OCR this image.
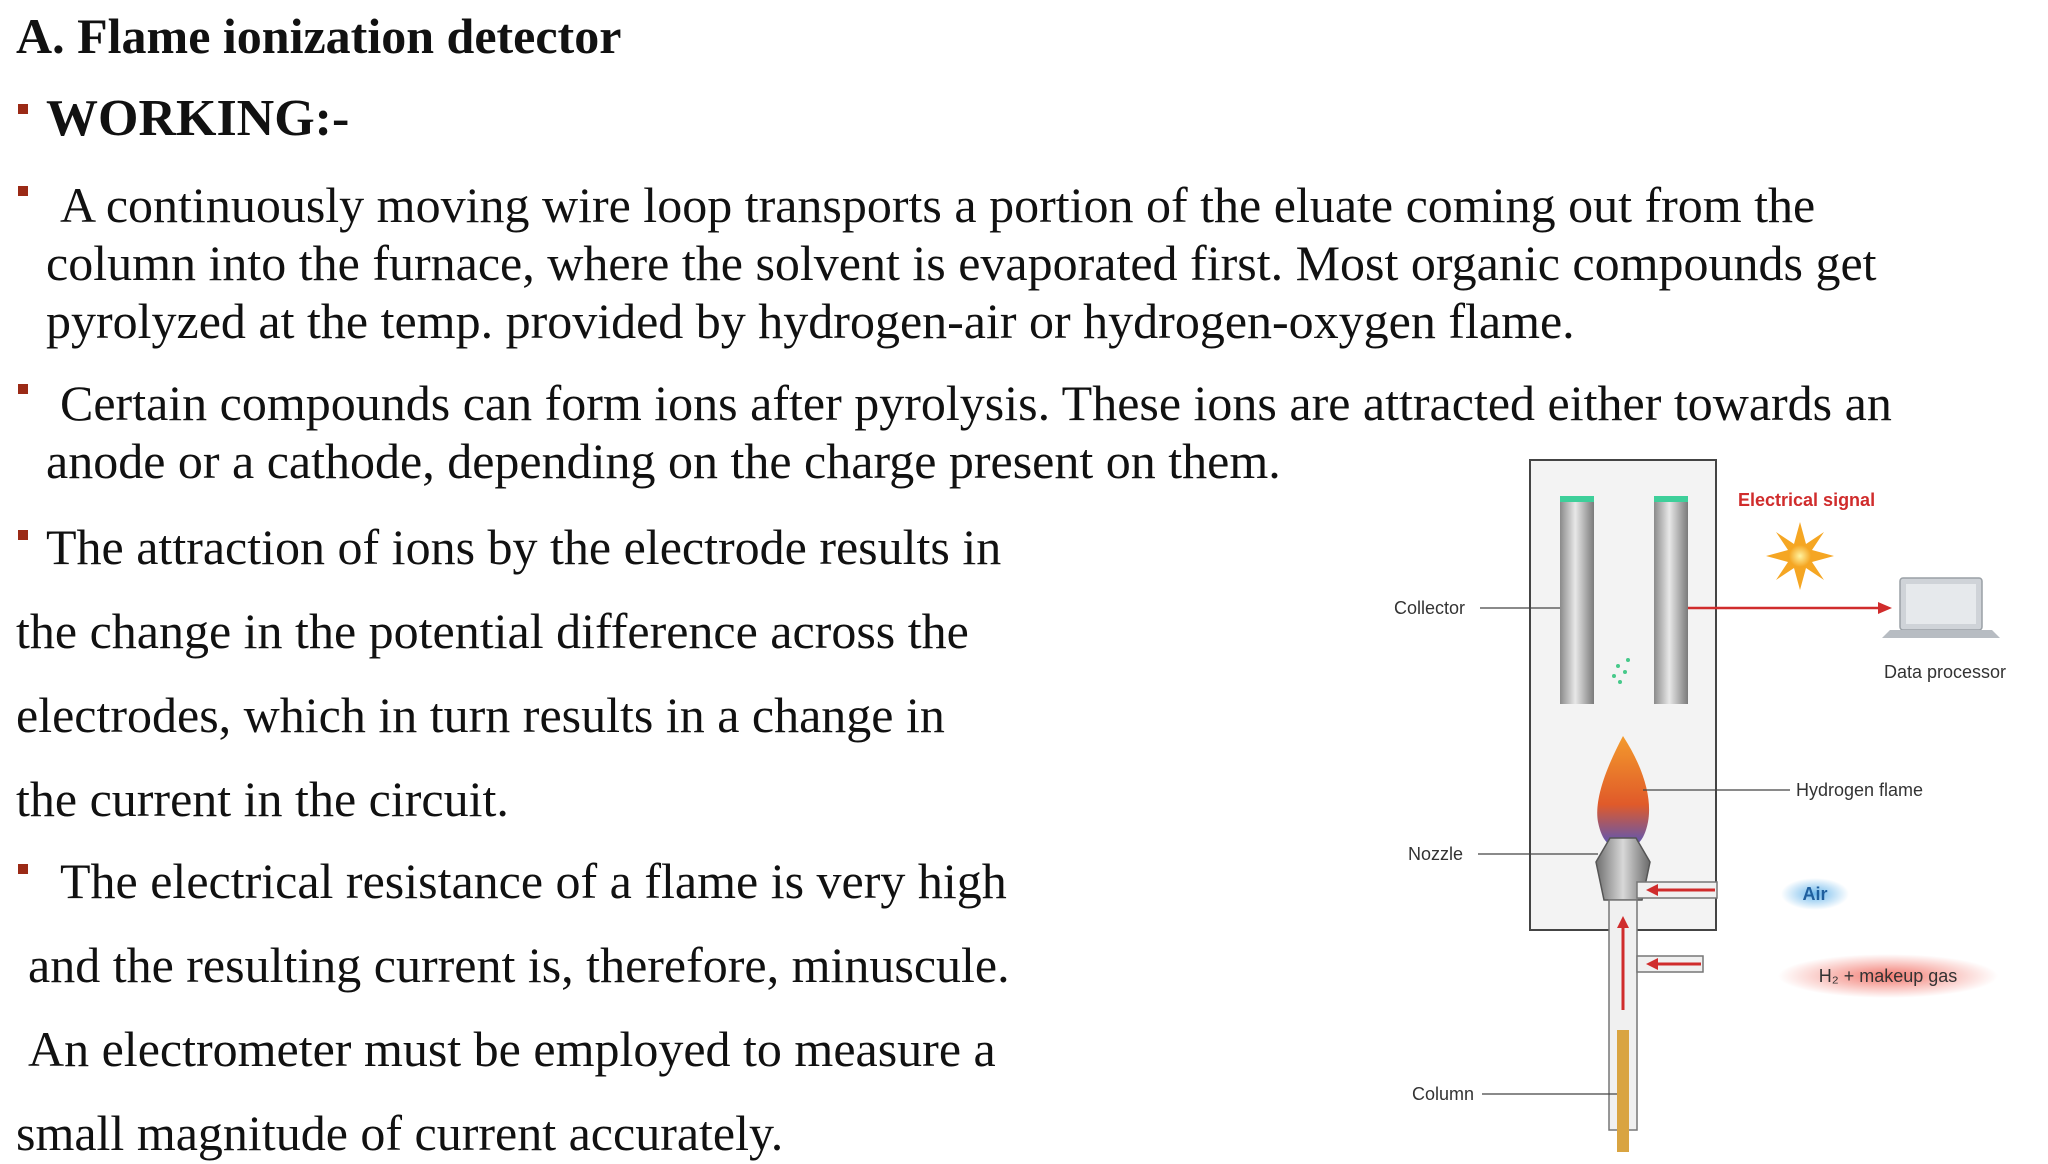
A. Flame ionization detector
WORKING:-
A continuously moving wire loop transports a portion of the eluate coming out from the
column into the furnace, where the solvent is evaporated first. Most organic compounds get
pyrolyzed at the temp. provided by hydrogen-air or hydrogen-oxygen flame.
Certain compounds can form ions after pyrolysis. These ions are attracted either towards an
anode or a cathode, depending on the charge present on them.
The attraction of ions by the electrode results in
the change in the potential difference across the
electrodes, which in turn results in a change in
the current in the circuit.
The electrical resistance of a flame is very high
and the resulting current is, therefore, minuscule.
An electrometer must be employed to measure a
small magnitude of current accurately.
Electrical signal
Data processor
Collector
Hydrogen flame
Nozzle
Air
H₂ + makeup gas
Column
